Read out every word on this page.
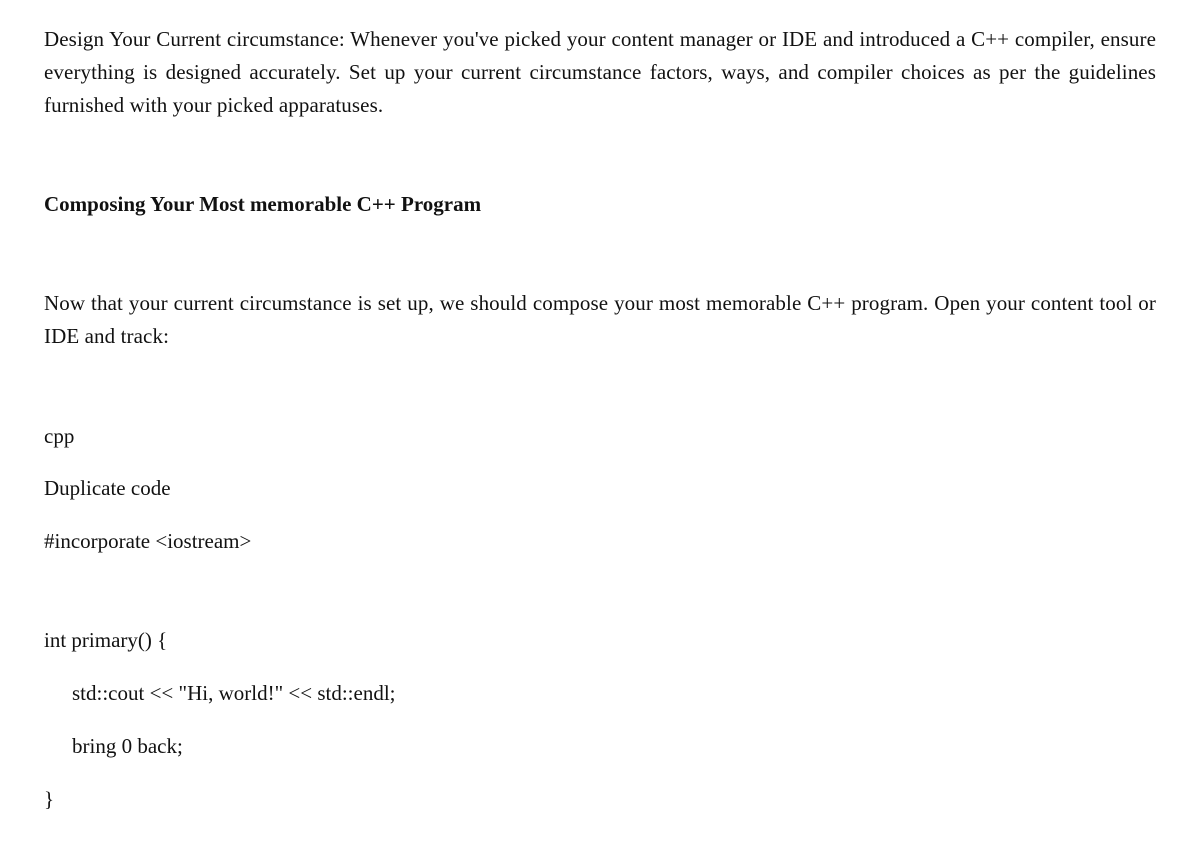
Design Your Current circumstance: Whenever you've picked your content manager or IDE and introduced a C++ compiler, ensure everything is designed accurately. Set up your current circumstance factors, ways, and compiler choices as per the guidelines furnished with your picked apparatuses.

Composing Your Most memorable C++ Program

Now that your current circumstance is set up, we should compose your most memorable C++ program. Open your content tool or IDE and track:

cpp
Duplicate code
#incorporate <iostream>
int primary() {
std::cout << "Hi, world!" << std::endl;
bring 0 back;
}
